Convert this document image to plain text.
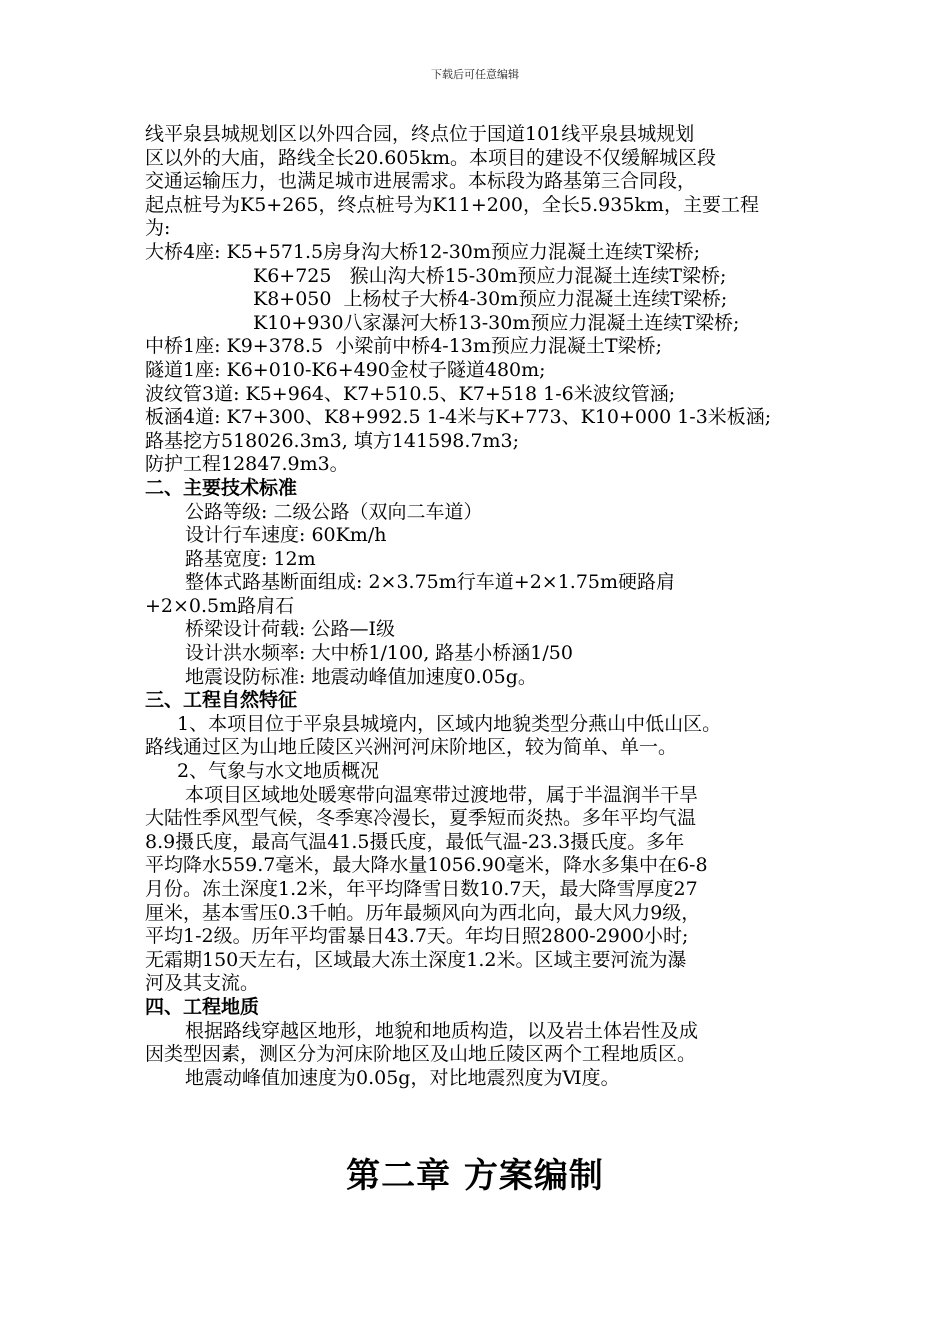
下载后可任意编辑

线平泉县城规划区以外四合园，终点位于国道101线平泉县城规划

区以外的大庙，路线全长20.605km。本项目的建设不仅缓解城区段

交通运输压力，也满足城市进展需求。本标段为路基第三合同段，

起点桩号为K5+265，终点桩号为K11+200，全长5.935km，主要工程

为:

大桥4座: K5+571.5房身沟大桥12-30m预应力混凝土连续T梁桥;

K6+725   猴山沟大桥15-30m预应力混凝土连续T梁桥;

K8+050  上杨杖子大桥4-30m预应力混凝土连续T梁桥;

K10+930八家瀑河大桥13-30m预应力混凝土连续T梁桥;

中桥1座: K9+378.5  小梁前中桥4-13m预应力混凝土T梁桥;

隧道1座: K6+010-K6+490金杖子隧道480m;

波纹管3道: K5+964、K7+510.5、K7+518 1-6米波纹管涵;

板涵4道: K7+300、K8+992.5 1-4米与K+773、K10+000 1-3米板涵;

路基挖方518026.3m3, 填方141598.7m3;

防护工程12847.9m3。

二、主要技术标准

公路等级: 二级公路（双向二车道）

设计行车速度: 60Km/h

路基宽度: 12m

整体式路基断面组成: 2×3.75m行车道+2×1.75m硬路肩

+2×0.5m路肩石

桥梁设计荷载: 公路—Ⅰ级

设计洪水频率: 大中桥1/100, 路基小桥涵1/50

地震设防标准: 地震动峰值加速度0.05g。

三、工程自然特征

1、本项目位于平泉县城境内，区域内地貌类型分燕山中低山区。

路线通过区为山地丘陵区兴洲河河床阶地区，较为简单、单一。

2、气象与水文地质概况

本项目区域地处暖寒带向温寒带过渡地带，属于半温润半干旱

大陆性季风型气候，冬季寒冷漫长，夏季短而炎热。多年平均气温

8.9摄氏度，最高气温41.5摄氏度，最低气温-23.3摄氏度。多年

平均降水559.7毫米，最大降水量1056.90毫米，降水多集中在6-8

月份。冻土深度1.2米，年平均降雪日数10.7天，最大降雪厚度27

厘米，基本雪压0.3千帕。历年最频风向为西北向，最大风力9级，

平均1-2级。历年平均雷暴日43.7天。年均日照2800-2900小时;

无霜期150天左右，区域最大冻土深度1.2米。区域主要河流为瀑

河及其支流。

四、工程地质

根据路线穿越区地形，地貌和地质构造，以及岩土体岩性及成

因类型因素，测区分为河床阶地区及山地丘陵区两个工程地质区。

地震动峰值加速度为0.05g，对比地震烈度为Ⅵ度。

第二章 方案编制
